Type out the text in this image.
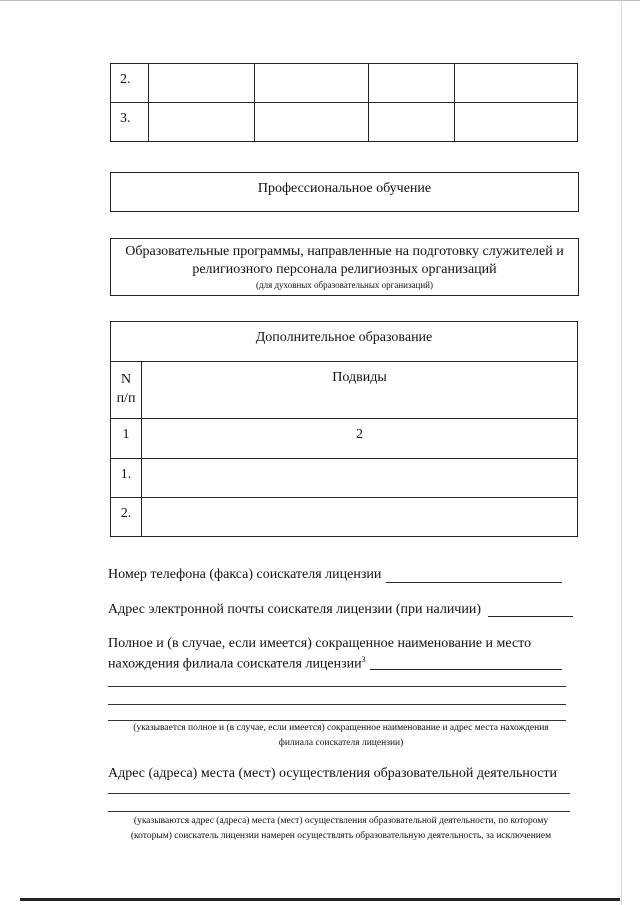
2.				
3.				
Профессиональное обучение
Образовательные программы, направленные на подготовку служителей и
религиозного персонала религиозных организаций
(для духовных образовательных организаций)
Дополнительное образование	

N
п/п	Подвиды
1	2
1.	
2.	
Номер телефона (факса) соискателя лицензии
Адрес электронной почты соискателя лицензии (при наличии)
Полное и (в случае, если имеется) сокращенное наименование и место
нахождения филиала соискателя лицензии$^3$
(указывается полное и (в случае, если имеется) сокращенное наименование и адрес места нахождения
филиала соискателя лицензии)
Адрес (адреса) места (мест) осуществления образовательной деятельности
(указываются адрес (адреса) места (мест) осуществления образовательной деятельности, по которому
(которым) соискатель лицензии намерен осуществлять образовательную деятельность, за исключением
